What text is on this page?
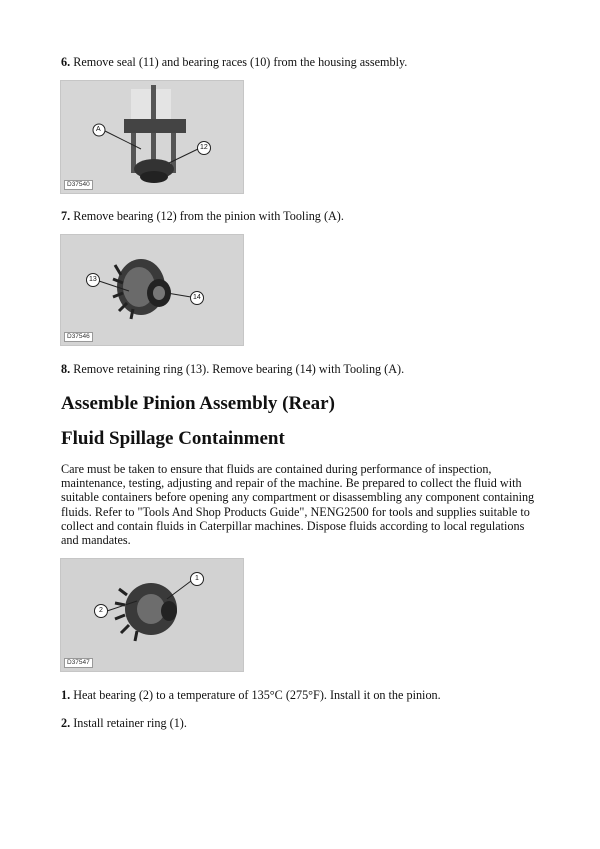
6. Remove seal (11) and bearing races (10) from the housing assembly.
A
12
D37540
7. Remove bearing (12) from the pinion with Tooling (A).
13
14
D37546
8. Remove retaining ring (13). Remove bearing (14) with Tooling (A).
Assemble Pinion Assembly (Rear)
Fluid Spillage Containment
Care must be taken to ensure that fluids are contained during performance of inspection,
maintenance, testing, adjusting and repair of the machine. Be prepared to collect the fluid with
suitable containers before opening any compartment or disassembling any component containing
fluids. Refer to "Tools And Shop Products Guide", NENG2500 for tools and supplies suitable to
collect and contain fluids in Caterpillar machines. Dispose fluids according to local regulations
and mandates.
1
2
D37547
1. Heat bearing (2) to a temperature of 135°C (275°F). Install it on the pinion.
2. Install retainer ring (1).
